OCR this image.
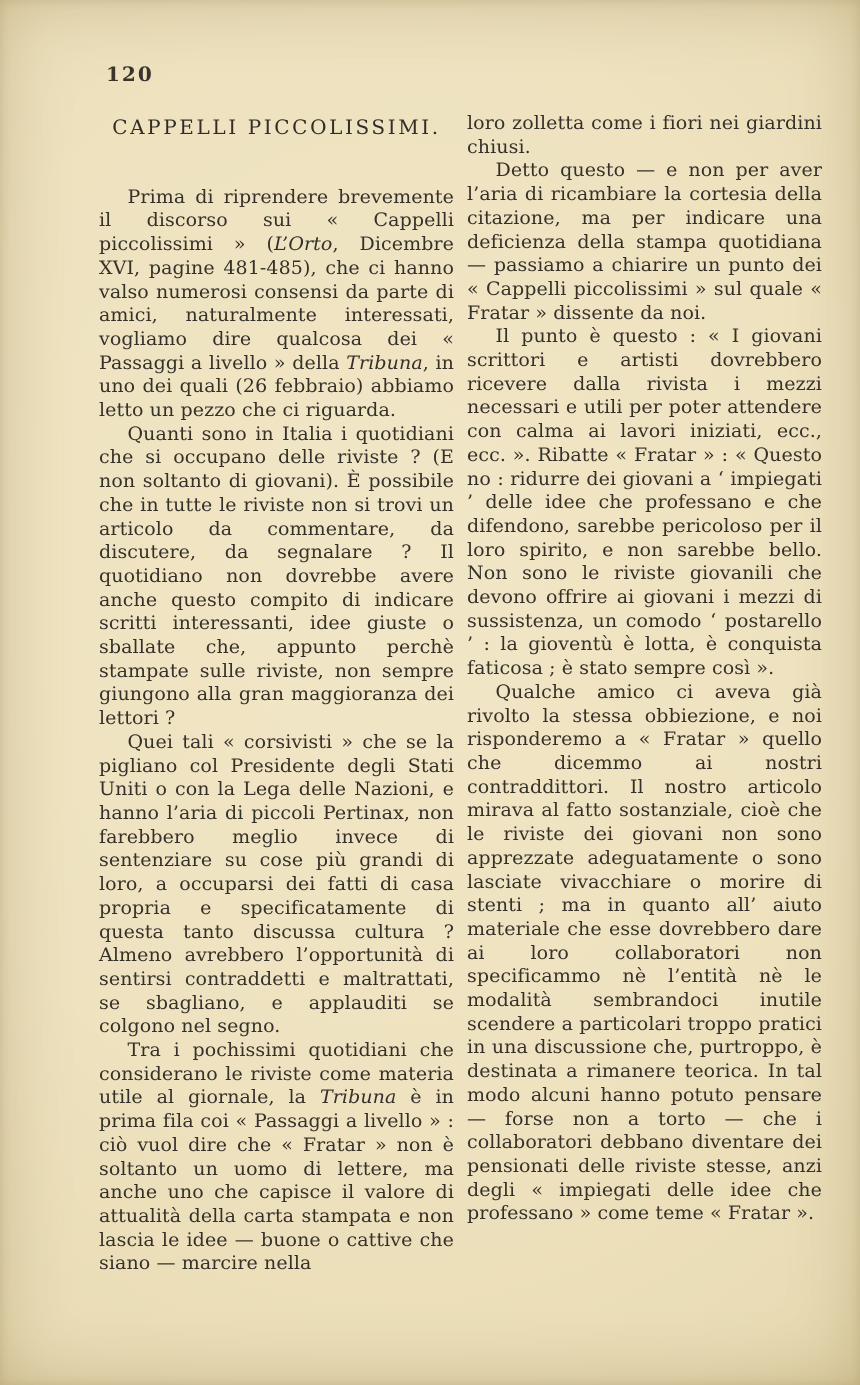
120
CAPPELLI PICCOLISSIMI.

Prima di riprendere brevemente il discorso sui « Cappelli piccolissimi » (L’Orto, Dicembre XVI, pagine 481-485), che ci hanno valso numerosi consensi da parte di amici, naturalmente interessati, vogliamo dire qualcosa dei « Passaggi a livello » della Tribuna, in uno dei quali (26 febbraio) abbiamo letto un pezzo che ci riguarda.

Quanti sono in Italia i quotidiani che si occupano delle riviste ? (E non soltanto di giovani). È possibile che in tutte le riviste non si trovi un articolo da commentare, da discutere, da segnalare ? Il quotidiano non dovrebbe avere anche questo compito di indicare scritti interessanti, idee giuste o sballate che, appunto perchè stampate sulle riviste, non sempre giungono alla gran maggioranza dei lettori ?

Quei tali « corsivisti » che se la pigliano col Presidente degli Stati Uniti o con la Lega delle Nazioni, e hanno l’aria di piccoli Pertinax, non farebbero meglio invece di sentenziare su cose più grandi di loro, a occuparsi dei fatti di casa propria e specificatamente di questa tanto discussa cultura ? Almeno avrebbero l’opportunità di sentirsi contraddetti e maltrattati, se sbagliano, e applauditi se colgono nel segno.

Tra i pochissimi quotidiani che considerano le riviste come materia utile al giornale, la Tribuna è in prima fila coi « Passaggi a livello » : ciò vuol dire che « Fratar » non è soltanto un uomo di lettere, ma anche uno che capisce il valore di attualità della carta stampata e non lascia le idee — buone o cattive che siano — marcire nella

loro zolletta come i fiori nei giardini chiusi.

Detto questo — e non per aver l’aria di ricambiare la cortesia della citazione, ma per indicare una deficienza della stampa quotidiana — passiamo a chiarire un punto dei « Cappelli piccolissimi » sul quale « Fratar » dissente da noi.

Il punto è questo : « I giovani scrittori e artisti dovrebbero ricevere dalla rivista i mezzi necessari e utili per poter attendere con calma ai lavori iniziati, ecc., ecc. ». Ribatte « Fratar » : « Questo no : ridurre dei giovani a ‘ impiegati ’ delle idee che professano e che difendono, sarebbe pericoloso per il loro spirito, e non sarebbe bello. Non sono le riviste giovanili che devono offrire ai giovani i mezzi di sussistenza, un comodo ‘ postarello ’ : la gioventù è lotta, è conquista faticosa ; è stato sempre così ».

Qualche amico ci aveva già rivolto la stessa obbiezione, e noi risponderemo a « Fratar » quello che dicemmo ai nostri contraddittori. Il nostro articolo mirava al fatto sostanziale, cioè che le riviste dei giovani non sono apprezzate adeguatamente o sono lasciate vivacchiare o morire di stenti ; ma in quanto all’ aiuto materiale che esse dovrebbero dare ai loro collaboratori non specificammo nè l’entità nè le modalità sembrandoci inutile scendere a particolari troppo pratici in una discussione che, purtroppo, è destinata a rimanere teorica. In tal modo alcuni hanno potuto pensare — forse non a torto — che i collaboratori debbano diventare dei pensionati delle riviste stesse, anzi degli « impiegati delle idee che professano » come teme « Fratar ».
